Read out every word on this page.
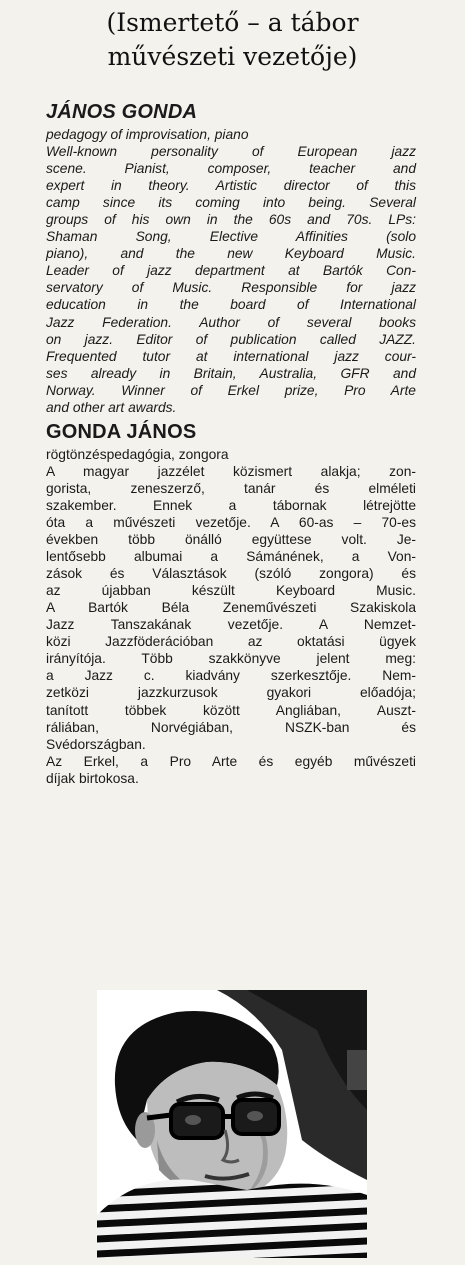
(Ismertető – a tábor
művészeti vezetője)
JÁNOS GONDA
pedagogy of improvisation, piano
Well-known personality of European jazz
scene. Pianist, composer, teacher and
expert in theory. Artistic director of this
camp since its coming into being. Several
groups of his own in the 60s and 70s. LPs:
Shaman Song, Elective Affinities (solo
piano), and the new Keyboard Music.
Leader of jazz department at Bartók Con-
servatory of Music. Responsible for jazz
education in the board of International
Jazz Federation. Author of several books
on jazz. Editor of publication called JAZZ.
Frequented tutor at international jazz cour-
ses already in Britain, Australia, GFR and
Norway. Winner of Erkel prize, Pro Arte
and other art awards.
GONDA JÁNOS
rögtönzéspedagógia, zongora
A magyar jazzélet közismert alakja; zon-
gorista, zeneszerző, tanár és elméleti
szakember. Ennek a tábornak létrejötte
óta a művészeti vezetője. A 60-as – 70-es
években több önálló együttese volt. Je-
lentősebb albumai a Sámánének, a Von-
zások és Választások (szóló zongora) és
az újabban készült Keyboard Music.
A Bartók Béla Zeneművészeti Szakiskola
Jazz Tanszakának vezetője. A Nemzet-
közi Jazzföderációban az oktatási ügyek
irányítója. Több szakkönyve jelent meg:
a Jazz c. kiadvány szerkesztője. Nem-
zetközi jazzkurzusok gyakori előadója;
tanított többek között Angliában, Auszt-
ráliában, Norvégiában, NSZK-ban és
Svédországban.
Az Erkel, a Pro Arte és egyéb művészeti
díjak birtokosa.
